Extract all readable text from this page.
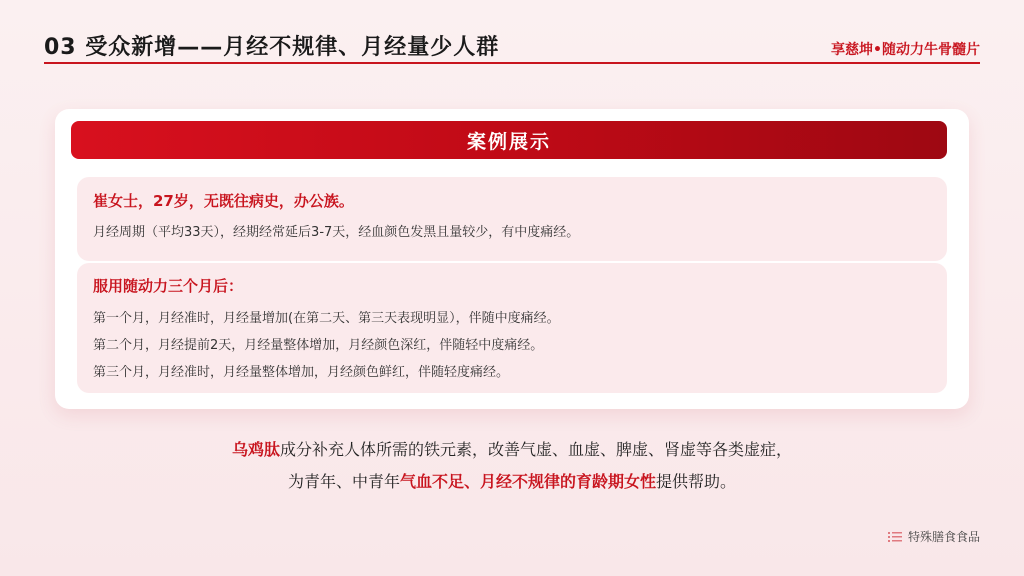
03 受众新增——月经不规律、月经量少人群	享慈坤•随动力牛骨髓片
案例展示
崔女士，27岁，无既往病史，办公族。
月经周期（平均33天），经期经常延后3-7天，经血颜色发黑且量较少，有中度痛经。
服用随动力三个月后：
第一个月，月经准时，月经量增加(在第二天、第三天表现明显），伴随中度痛经。
第二个月，月经提前2天，月经量整体增加，月经颜色深红，伴随轻中度痛经。
第三个月，月经准时，月经量整体增加，月经颜色鲜红，伴随轻度痛经。
乌鸡肽成分补充人体所需的铁元素，改善气虚、血虚、脾虚、肾虚等各类虚症，
为青年、中青年气血不足、月经不规律的育龄期女性提供帮助。
特殊膳食食品
